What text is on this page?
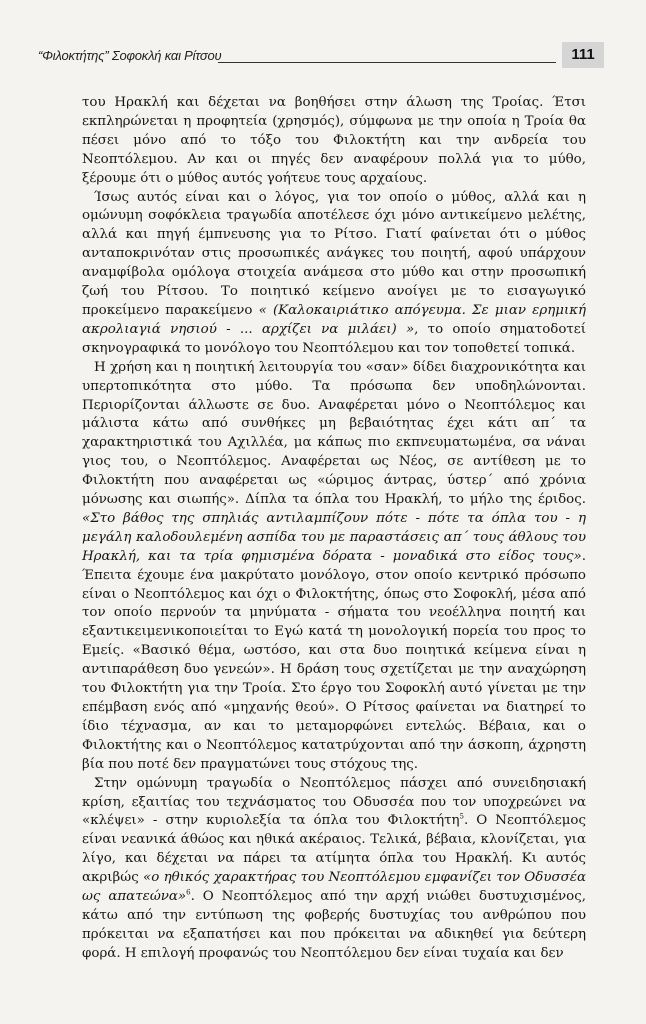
“Φιλοκτήτης” Σοφοκλή και Ρίτσου	111

του Ηρακλή και δέχεται να βοηθήσει στην άλωση της Τροίας. Έτσι εκπληρώνεται η προφητεία (χρησμός), σύμφωνα με την οποία η Τροία θα πέσει μόνο από το τόξο του Φιλοκτήτη και την ανδρεία του Νεοπτόλεμου. Αν και οι πηγές δεν αναφέρουν πολλά για το μύθο, ξέρουμε ότι ο μύθος αυτός γοήτευε τους αρχαίους.

Ίσως αυτός είναι και ο λόγος, για τον οποίο ο μύθος, αλλά και η ομώνυμη σοφόκλεια τραγωδία αποτέλεσε όχι μόνο αντικείμενο μελέτης, αλλά και πηγή έμπνευσης για το Ρίτσο. Γιατί φαίνεται ότι ο μύθος ανταποκρινόταν στις προσωπικές ανάγκες του ποιητή, αφού υπάρχουν αναμφίβολα ομόλογα στοιχεία ανάμεσα στο μύθο και στην προσωπική ζωή του Ρίτσου. Το ποιητικό κείμενο ανοίγει με το εισαγωγικό προκείμενο παρακείμενο « (Καλοκαιριάτικο απόγευμα. Σε μιαν ερημική ακρολιαγιά νησιού - ... αρχίζει να μιλάει) », το οποίο σηματοδοτεί σκηνογραφικά το μονόλογο του Νεοπτόλεμου και τον τοποθετεί τοπικά.

Η χρήση και η ποιητική λειτουργία του «σαν» δίδει διαχρονικότητα και υπερτοπικότητα στο μύθο. Τα πρόσωπα δεν υποδηλώνονται. Περιορίζονται άλλωστε σε δυο. Αναφέρεται μόνο ο Νεοπτόλεμος και μάλιστα κάτω από συνθήκες μη βεβαιότητας έχει κάτι απ΄ τα χαρακτηριστικά του Αχιλλέα, μα κάπως πιο εκπνευματωμένα, σα νάναι γιος του, ο Νεοπτόλεμος. Αναφέρεται ως Νέος, σε αντίθεση με το Φιλοκτήτη που αναφέρεται ως «ώριμος άντρας, ύστερ΄ από χρόνια μόνωσης και σιωπής». Δίπλα τα όπλα του Ηρακλή, το μήλο της έριδος. «Στο βάθος της σπηλιάς αντιλαμπίζουν πότε - πότε τα όπλα του - η μεγάλη καλοδουλεμένη ασπίδα του με παραστάσεις απ΄ τους άθλους του Ηρακλή, και τα τρία φημισμένα δόρατα - μοναδικά στο είδος τους». Έπειτα έχουμε ένα μακρύτατο μονόλογο, στον οποίο κεντρικό πρόσωπο είναι ο Νεοπτόλεμος και όχι ο Φιλοκτήτης, όπως στο Σοφοκλή, μέσα από τον οποίο περνούν τα μηνύματα - σήματα του νεοέλληνα ποιητή και εξαντικειμενικοποιείται το Εγώ κατά τη μονολογική πορεία του προς το Εμείς. «Βασικό θέμα, ωστόσο, και στα δυο ποιητικά κείμενα είναι η αντιπαράθεση δυο γενεών». Η δράση τους σχετίζεται με την αναχώρηση του Φιλοκτήτη για την Τροία. Στο έργο του Σοφοκλή αυτό γίνεται με την επέμβαση ενός από «μηχανής θεού». Ο Ρίτσος φαίνεται να διατηρεί το ίδιο τέχνασμα, αν και το μεταμορφώνει εντελώς. Βέβαια, και ο Φιλοκτήτης και ο Νεοπτόλεμος κατατρύχονται από την άσκοπη, άχρηστη βία που ποτέ δεν πραγματώνει τους στόχους της.

Στην ομώνυμη τραγωδία ο Νεοπτόλεμος πάσχει από συνειδησιακή κρίση, εξαιτίας του τεχνάσματος του Οδυσσέα που τον υποχρεώνει να «κλέψει» - στην κυριολεξία τα όπλα του Φιλοκτήτη$^5$. Ο Νεοπτόλεμος είναι νεανικά άθώος και ηθικά ακέραιος. Τελικά, βέβαια, κλονίζεται, για λίγο, και δέχεται να πάρει τα ατίμητα όπλα του Ηρακλή. Κι αυτός ακριβώς «ο ηθικός χαρακτήρας του Νεοπτόλεμου εμφανίζει τον Οδυσσέα ως απατεώνα»$^6$. Ο Νεοπτόλεμος από την αρχή νιώθει δυστυχισμένος, κάτω από την εντύπωση της φοβερής δυστυχίας του ανθρώπου που πρόκειται να εξαπατήσει και που πρόκειται να αδικηθεί για δεύτερη φορά. Η επιλογή προφανώς του Νεοπτόλεμου δεν είναι τυχαία και δεν
